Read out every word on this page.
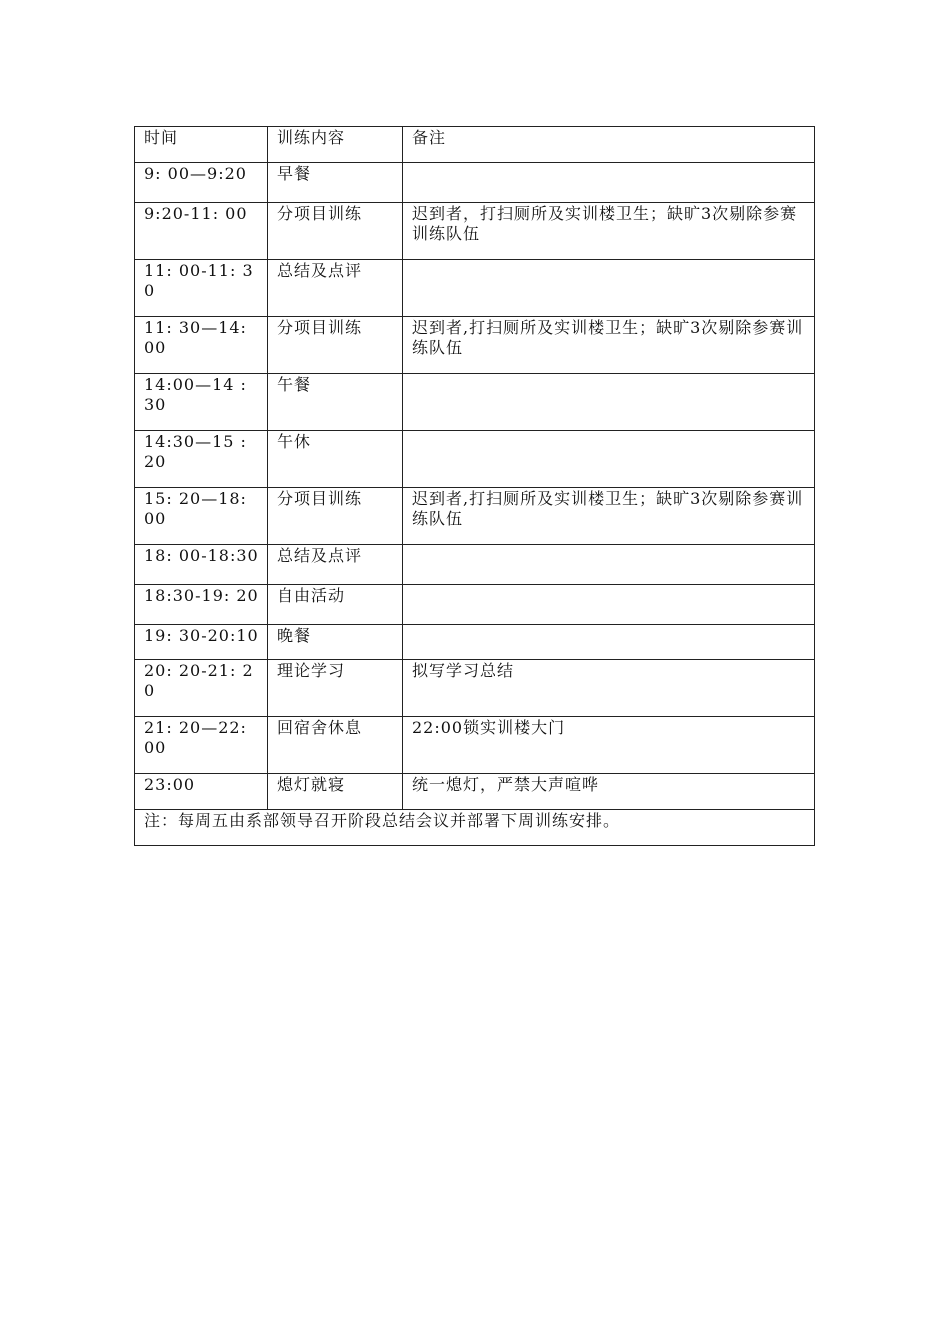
时间	训练内容	备注
9: 00—9:20	早餐	
9:20-11: 00	分项目训练	迟到者，打扫厕所及实训楼卫生；缺旷3次剔除参赛训练队伍
11: 00-11: 30	总结及点评	
11: 30—14: 00	分项目训练	迟到者,打扫厕所及实训楼卫生；缺旷3次剔除参赛训练队伍
14:00—14 : 30	午餐	
14:30—15 : 20	午休	
15: 20—18: 00	分项目训练	迟到者,打扫厕所及实训楼卫生；缺旷3次剔除参赛训练队伍
18: 00-18:30	总结及点评	
18:30-19: 20	自由活动	
19: 30-20:10	晚餐	
20: 20-21: 20	理论学习	拟写学习总结
21: 20—22: 00	回宿舍休息	22:00锁实训楼大门
23:00	熄灯就寝	统一熄灯，严禁大声喧哗
注：每周五由系部领导召开阶段总结会议并部署下周训练安排。		
